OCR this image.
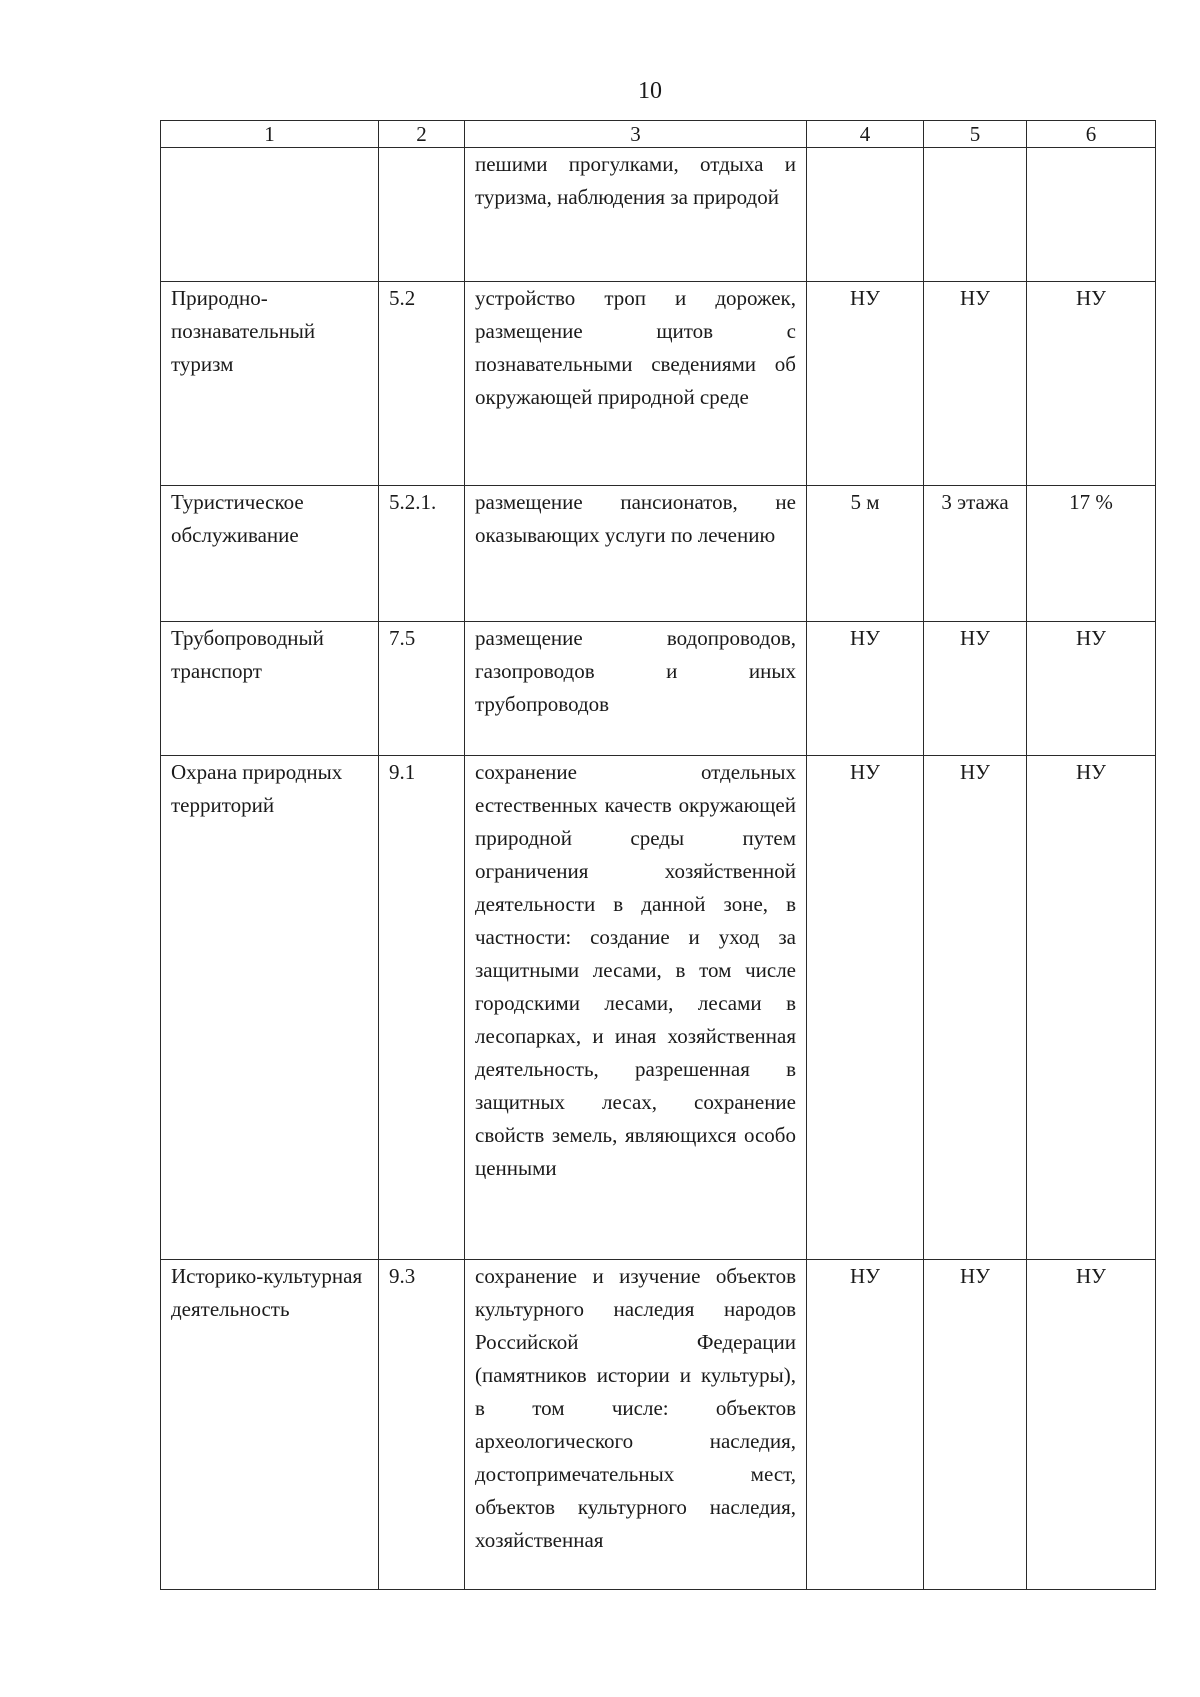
10
1	2	3	4	5	6

		пешими прогулками, отдыха и туризма, наблюдения за природой			

Природно-познавательный туризм	5.2	устройство троп и дорожек, размещение щитов с познавательными сведениями об окружающей природной среде	НУ	НУ	НУ
Туристическое обслуживание	5.2.1.	размещение пансионатов, не оказывающих услуги по лечению	5 м	3 этажа	17 %
Трубопроводный транспорт	7.5	размещение водопроводов, газопроводов и иных трубопроводов	НУ	НУ	НУ
Охрана природных территорий	9.1	сохранение отдельных естественных качеств окружающей природной среды путем ограничения хозяйственной деятельности в данной зоне, в частности: создание и уход за защитными лесами, в том числе городскими лесами, лесами в лесопарках, и иная хозяйственная деятельность, разрешенная в защитных лесах, сохранение свойств земель, являющихся особо ценными	НУ	НУ	НУ
Историко-культурная деятельность	9.3	сохранение и изучение объектов культурного наследия народов Российской Федерации (памятников истории и культуры), в том числе: объектов археологического наследия, достопримечательных мест, объектов культурного наследия, хозяйственная	НУ	НУ	НУ
